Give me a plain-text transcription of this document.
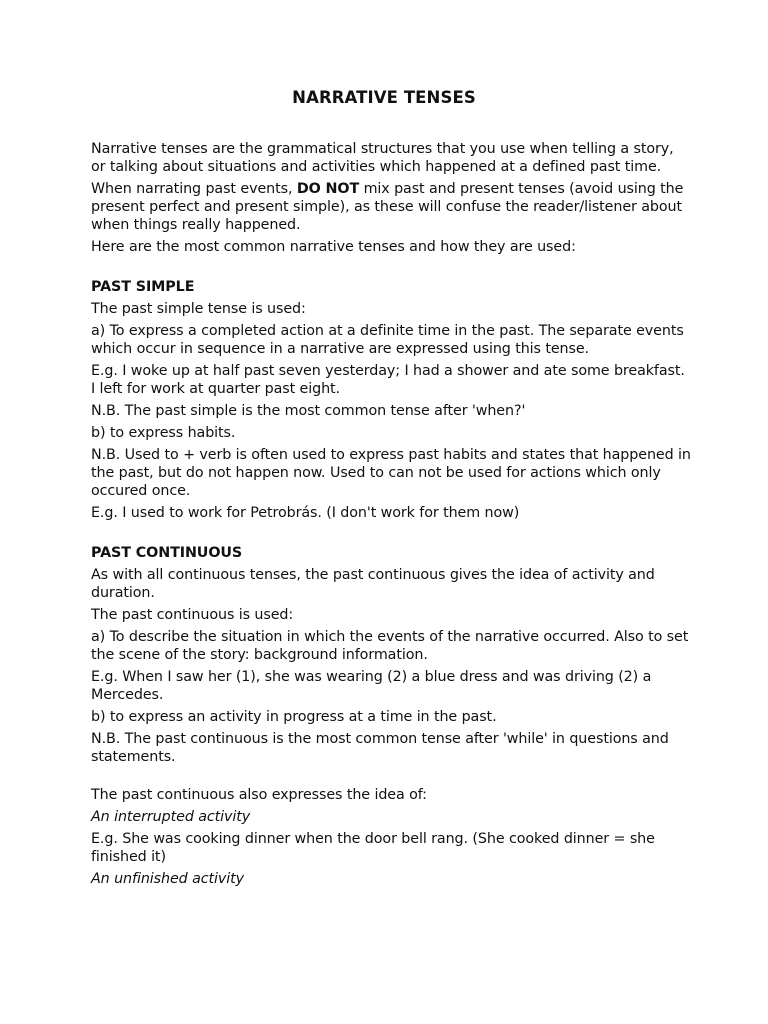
NARRATIVE TENSES

Narrative tenses are the grammatical structures that you use when telling a story, or talking about situations and activities which happened at a defined past time.

When narrating past events, DO NOT mix past and present tenses (avoid using the present perfect and present simple), as these will confuse the reader/listener about when things really happened.

Here are the most common narrative tenses and how they are used:

PAST SIMPLE

The past simple tense is used:

a) To express a completed action at a definite time in the past. The separate events which occur in sequence in a narrative are expressed using this tense.

E.g. I woke up at half past seven yesterday; I had a shower and ate some breakfast. I left for work at quarter past eight.

N.B. The past simple is the most common tense after 'when?'

b) to express habits.

N.B. Used to + verb is often used to express past habits and states that happened in the past, but do not happen now. Used to can not be used for actions which only occured once.

E.g. I used to work for Petrobrás. (I don't work for them now)

PAST CONTINUOUS

As with all continuous tenses, the past continuous gives the idea of activity and duration.

The past continuous is used:

a) To describe the situation in which the events of the narrative occurred. Also to set the scene of the story: background information.

E.g. When I saw her (1), she was wearing (2) a blue dress and was driving (2) a Mercedes.

b) to express an activity in progress at a time in the past.

N.B. The past continuous is the most common tense after 'while' in questions and statements.

The past continuous also expresses the idea of:

An interrupted activity

E.g. She was cooking dinner when the door bell rang. (She cooked dinner = she finished it)

An unfinished activity
